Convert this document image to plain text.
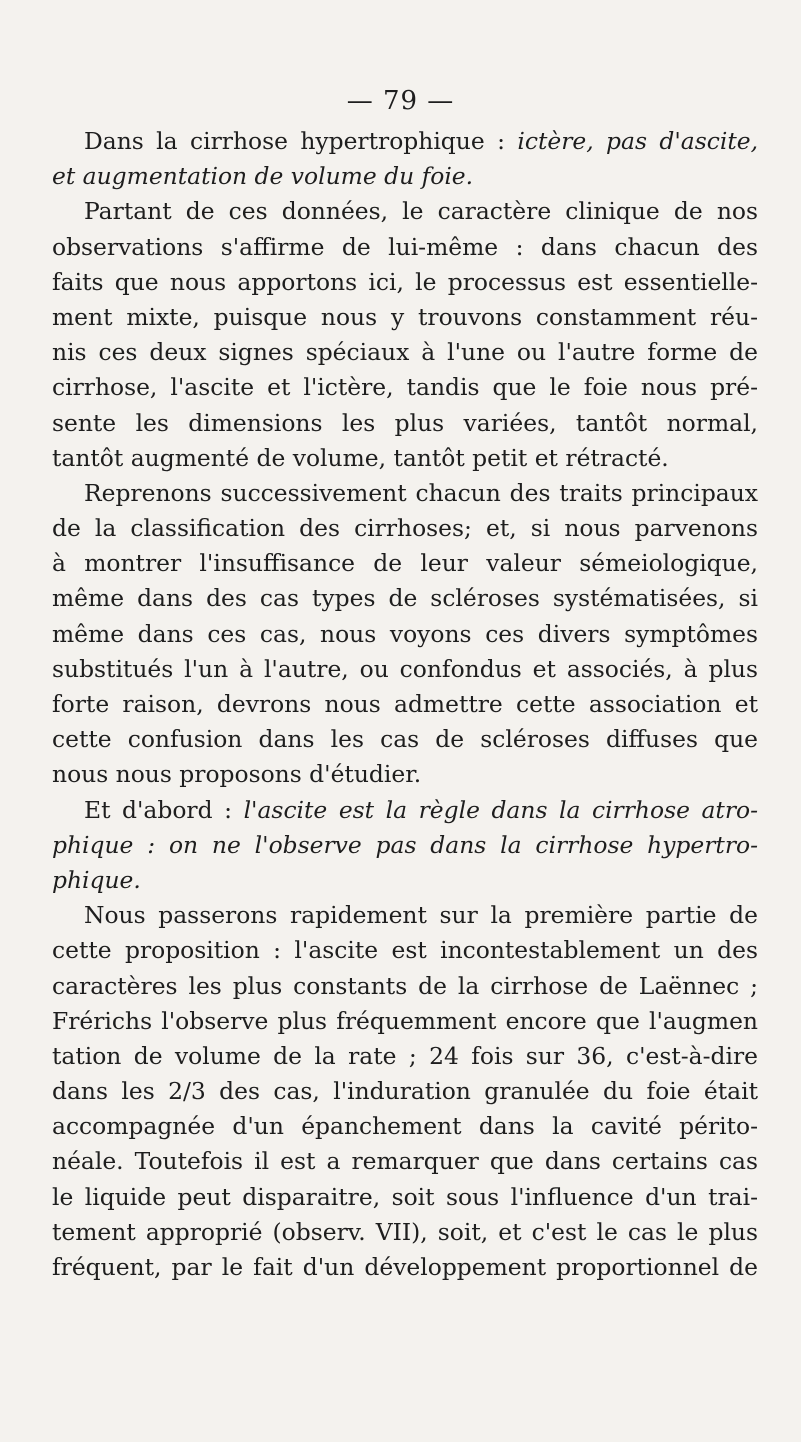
— 79 —
Dans la cirrhose hypertrophique : ictère, pas d'ascite,
et augmentation de volume du foie.
Partant de ces données, le caractère clinique de nos
observations s'affirme de lui-même : dans chacun des
faits que nous apportons ici, le processus est essentielle-
ment mixte, puisque nous y trouvons constamment réu-
nis ces deux signes spéciaux à l'une ou l'autre forme de
cirrhose, l'ascite et l'ictère, tandis que le foie nous pré-
sente les dimensions les plus variées, tantôt normal,
tantôt augmenté de volume, tantôt petit et rétracté.
Reprenons successivement chacun des traits principaux
de la classification des cirrhoses; et, si nous parvenons
à montrer l'insuffisance de leur valeur sémeiologique,
même dans des cas types de scléroses systématisées, si
même dans ces cas, nous voyons ces divers symptômes
substitués l'un à l'autre, ou confondus et associés, à plus
forte raison, devrons nous admettre cette association et
cette confusion dans les cas de scléroses diffuses que
nous nous proposons d'étudier.
Et d'abord : l'ascite est la règle dans la cirrhose atro-
phique : on ne l'observe pas dans la cirrhose hypertro-
phique.
Nous passerons rapidement sur la première partie de
cette proposition : l'ascite est incontestablement un des
caractères les plus constants de la cirrhose de Laënnec ;
Frérichs l'observe plus fréquemment encore que l'augmen
tation de volume de la rate ; 24 fois sur 36, c'est-à-dire
dans les 2/3 des cas, l'induration granulée du foie était
accompagnée d'un épanchement dans la cavité périto-
néale. Toutefois il est a remarquer que dans certains cas
le liquide peut disparaitre, soit sous l'influence d'un trai-
tement approprié (observ. VII), soit, et c'est le cas le plus
fréquent, par le fait d'un développement proportionnel de
